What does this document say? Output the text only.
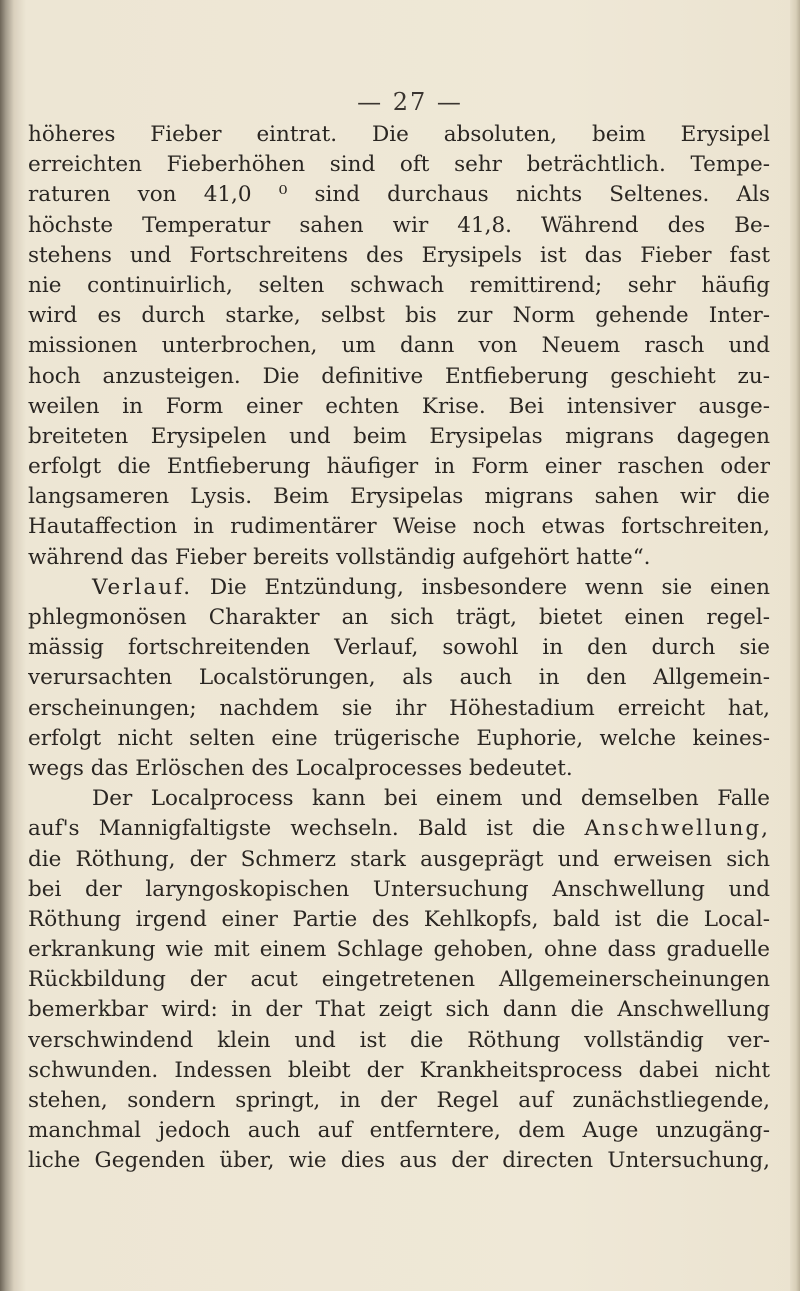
— 27 —
höheres Fieber eintrat. Die absoluten, beim Erysipel
erreichten Fieberhöhen sind oft sehr beträchtlich. Tempe-
raturen von 41,0 ⁰ sind durchaus nichts Seltenes. Als
höchste Temperatur sahen wir 41,8. Während des Be-
stehens und Fortschreitens des Erysipels ist das Fieber fast
nie continuirlich, selten schwach remittirend; sehr häufig
wird es durch starke, selbst bis zur Norm gehende Inter-
missionen unterbrochen, um dann von Neuem rasch und
hoch anzusteigen. Die definitive Entfieberung geschieht zu-
weilen in Form einer echten Krise. Bei intensiver ausge-
breiteten Erysipelen und beim Erysipelas migrans dagegen
erfolgt die Entfieberung häufiger in Form einer raschen oder
langsameren Lysis. Beim Erysipelas migrans sahen wir die
Hautaffection in rudimentärer Weise noch etwas fortschreiten,
während das Fieber bereits vollständig aufgehört hatte“.
Verlauf. Die Entzündung, insbesondere wenn sie einen
phlegmonösen Charakter an sich trägt, bietet einen regel-
mässig fortschreitenden Verlauf, sowohl in den durch sie
verursachten Localstörungen, als auch in den Allgemein-
erscheinungen; nachdem sie ihr Höhestadium erreicht hat,
erfolgt nicht selten eine trügerische Euphorie, welche keines-
wegs das Erlöschen des Localprocesses bedeutet.
Der Localprocess kann bei einem und demselben Falle
auf's Mannigfaltigste wechseln. Bald ist die Anschwellung,
die Röthung, der Schmerz stark ausgeprägt und erweisen sich
bei der laryngoskopischen Untersuchung Anschwellung und
Röthung irgend einer Partie des Kehlkopfs, bald ist die Local-
erkrankung wie mit einem Schlage gehoben, ohne dass graduelle
Rückbildung der acut eingetretenen Allgemeinerscheinungen
bemerkbar wird: in der That zeigt sich dann die Anschwellung
verschwindend klein und ist die Röthung vollständig ver-
schwunden. Indessen bleibt der Krankheitsprocess dabei nicht
stehen, sondern springt, in der Regel auf zunächstliegende,
manchmal jedoch auch auf entferntere, dem Auge unzugäng-
liche Gegenden über, wie dies aus der directen Untersuchung,
